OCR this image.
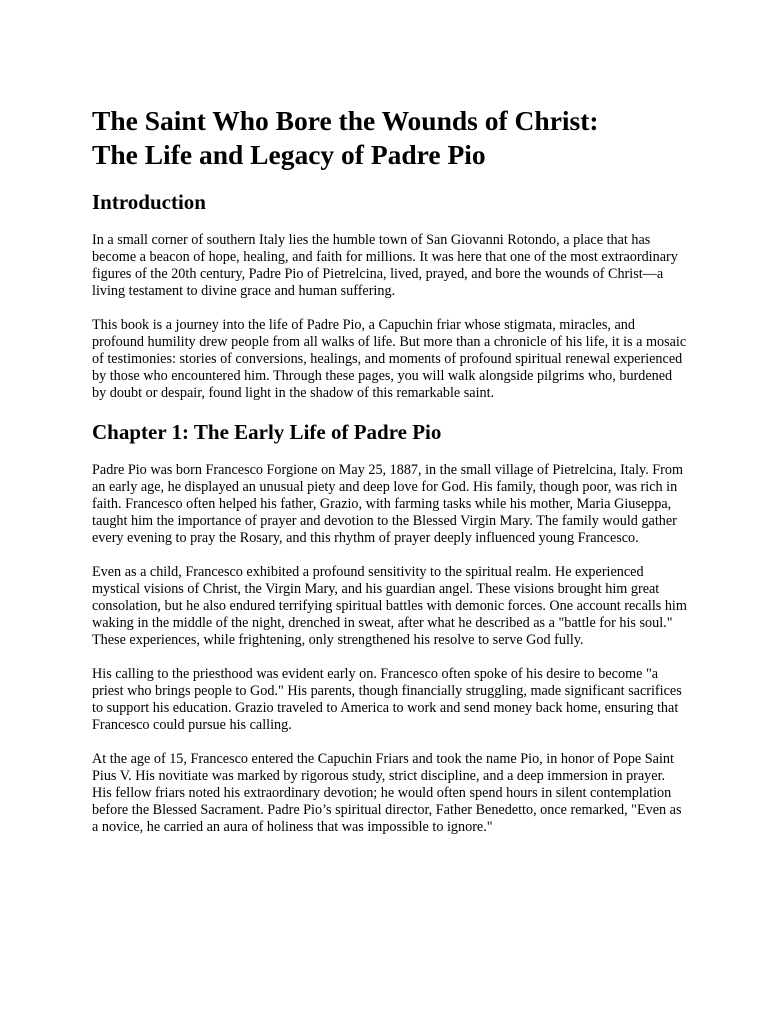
The Saint Who Bore the Wounds of Christ:
The Life and Legacy of Padre Pio
Introduction

In a small corner of southern Italy lies the humble town of San Giovanni Rotondo, a place that has become a beacon of hope, healing, and faith for millions. It was here that one of the most extraordinary figures of the 20th century, Padre Pio of Pietrelcina, lived, prayed, and bore the wounds of Christ—a living testament to divine grace and human suffering.

This book is a journey into the life of Padre Pio, a Capuchin friar whose stigmata, miracles, and profound humility drew people from all walks of life. But more than a chronicle of his life, it is a mosaic of testimonies: stories of conversions, healings, and moments of profound spiritual renewal experienced by those who encountered him. Through these pages, you will walk alongside pilgrims who, burdened by doubt or despair, found light in the shadow of this remarkable saint.

Chapter 1: The Early Life of Padre Pio

Padre Pio was born Francesco Forgione on May 25, 1887, in the small village of Pietrelcina, Italy. From an early age, he displayed an unusual piety and deep love for God. His family, though poor, was rich in faith. Francesco often helped his father, Grazio, with farming tasks while his mother, Maria Giuseppa, taught him the importance of prayer and devotion to the Blessed Virgin Mary. The family would gather every evening to pray the Rosary, and this rhythm of prayer deeply influenced young Francesco.

Even as a child, Francesco exhibited a profound sensitivity to the spiritual realm. He experienced mystical visions of Christ, the Virgin Mary, and his guardian angel. These visions brought him great consolation, but he also endured terrifying spiritual battles with demonic forces. One account recalls him waking in the middle of the night, drenched in sweat, after what he described as a "battle for his soul." These experiences, while frightening, only strengthened his resolve to serve God fully.

His calling to the priesthood was evident early on. Francesco often spoke of his desire to become "a priest who brings people to God." His parents, though financially struggling, made significant sacrifices to support his education. Grazio traveled to America to work and send money back home, ensuring that Francesco could pursue his calling.

At the age of 15, Francesco entered the Capuchin Friars and took the name Pio, in honor of Pope Saint Pius V. His novitiate was marked by rigorous study, strict discipline, and a deep immersion in prayer. His fellow friars noted his extraordinary devotion; he would often spend hours in silent contemplation before the Blessed Sacrament. Padre Pio’s spiritual director, Father Benedetto, once remarked, "Even as a novice, he carried an aura of holiness that was impossible to ignore."
